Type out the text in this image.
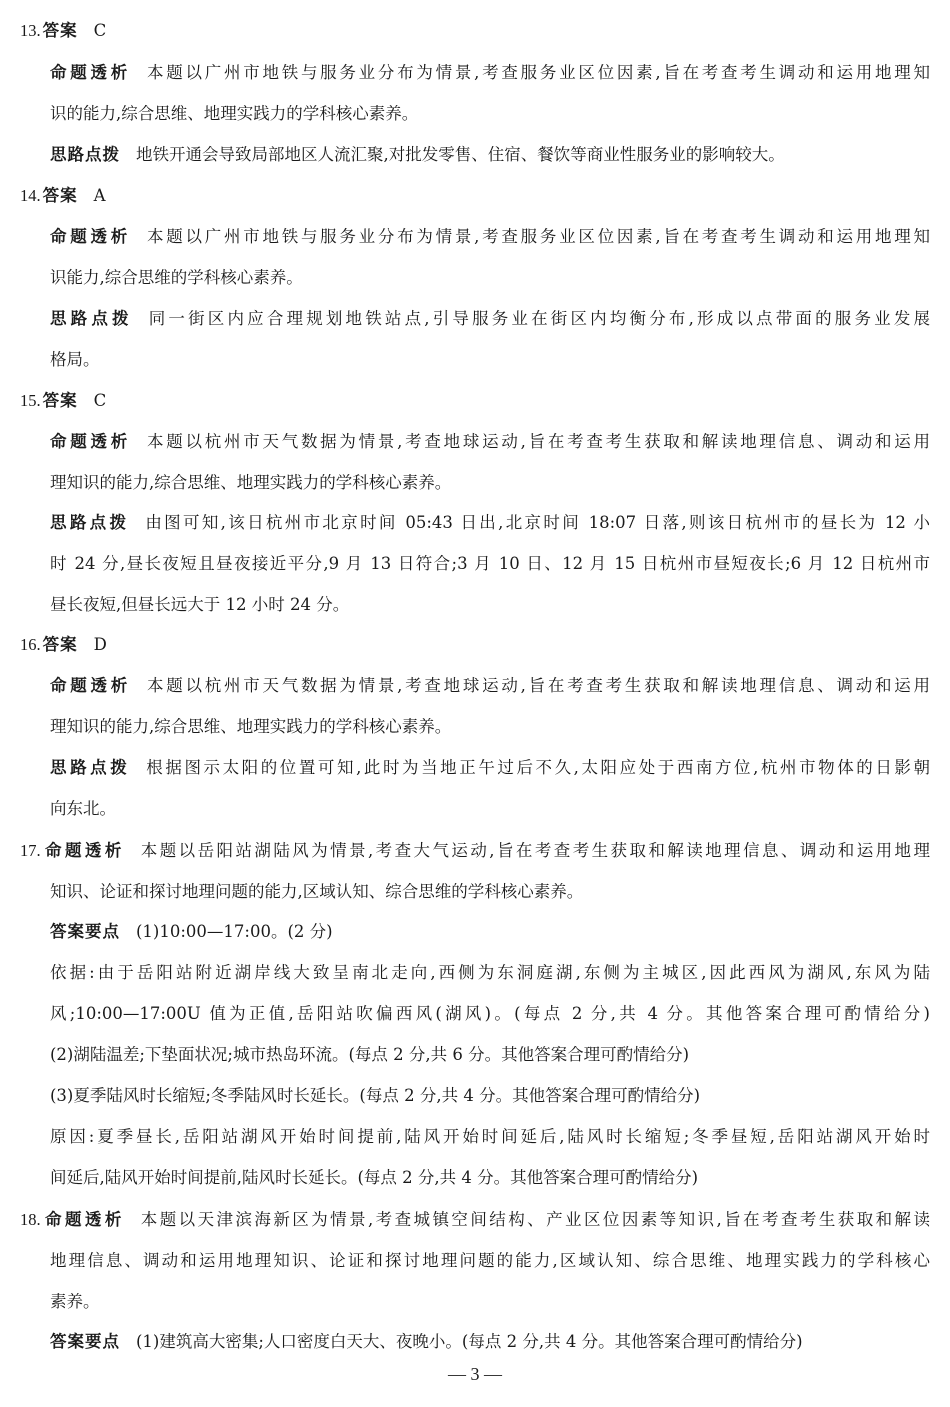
13. 答案 C
命题透析 本题以广州市地铁与服务业分布为情景,考查服务业区位因素,旨在考查考生调动和运用地理知
识的能力,综合思维、地理实践力的学科核心素养。
思路点拨 地铁开通会导致局部地区人流汇聚,对批发零售、住宿、餐饮等商业性服务业的影响较大。
14. 答案 A
命题透析 本题以广州市地铁与服务业分布为情景,考查服务业区位因素,旨在考查考生调动和运用地理知
识能力,综合思维的学科核心素养。
思路点拨 同一街区内应合理规划地铁站点,引导服务业在街区内均衡分布,形成以点带面的服务业发展
格局。
15. 答案 C
命题透析 本题以杭州市天气数据为情景,考查地球运动,旨在考查考生获取和解读地理信息、调动和运用
理知识的能力,综合思维、地理实践力的学科核心素养。
思路点拨 由图可知,该日杭州市北京时间 05:43 日出,北京时间 18:07 日落,则该日杭州市的昼长为 12 小
时 24 分,昼长夜短且昼夜接近平分,9 月 13 日符合;3 月 10 日、12 月 15 日杭州市昼短夜长;6 月 12 日杭州市
昼长夜短,但昼长远大于 12 小时 24 分。
16. 答案 D
命题透析 本题以杭州市天气数据为情景,考查地球运动,旨在考查考生获取和解读地理信息、调动和运用
理知识的能力,综合思维、地理实践力的学科核心素养。
思路点拨 根据图示太阳的位置可知,此时为当地正午过后不久,太阳应处于西南方位,杭州市物体的日影朝
向东北。
17. 命题透析 本题以岳阳站湖陆风为情景,考查大气运动,旨在考查考生获取和解读地理信息、调动和运用地理
知识、论证和探讨地理问题的能力,区域认知、综合思维的学科核心素养。
答案要点 (1)10:00—17:00。(2 分)
依据:由于岳阳站附近湖岸线大致呈南北走向,西侧为东洞庭湖,东侧为主城区,因此西风为湖风,东风为陆
风;10:00—17:00U 值为正值,岳阳站吹偏西风(湖风)。(每点 2 分,共 4 分。其他答案合理可酌情给分)
(2)湖陆温差;下垫面状况;城市热岛环流。(每点 2 分,共 6 分。其他答案合理可酌情给分)
(3)夏季陆风时长缩短;冬季陆风时长延长。(每点 2 分,共 4 分。其他答案合理可酌情给分)
原因:夏季昼长,岳阳站湖风开始时间提前,陆风开始时间延后,陆风时长缩短;冬季昼短,岳阳站湖风开始时
间延后,陆风开始时间提前,陆风时长延长。(每点 2 分,共 4 分。其他答案合理可酌情给分)
18. 命题透析 本题以天津滨海新区为情景,考查城镇空间结构、产业区位因素等知识,旨在考查考生获取和解读
地理信息、调动和运用地理知识、论证和探讨地理问题的能力,区域认知、综合思维、地理实践力的学科核心
素养。
答案要点 (1)建筑高大密集;人口密度白天大、夜晚小。(每点 2 分,共 4 分。其他答案合理可酌情给分)
— 3 —
